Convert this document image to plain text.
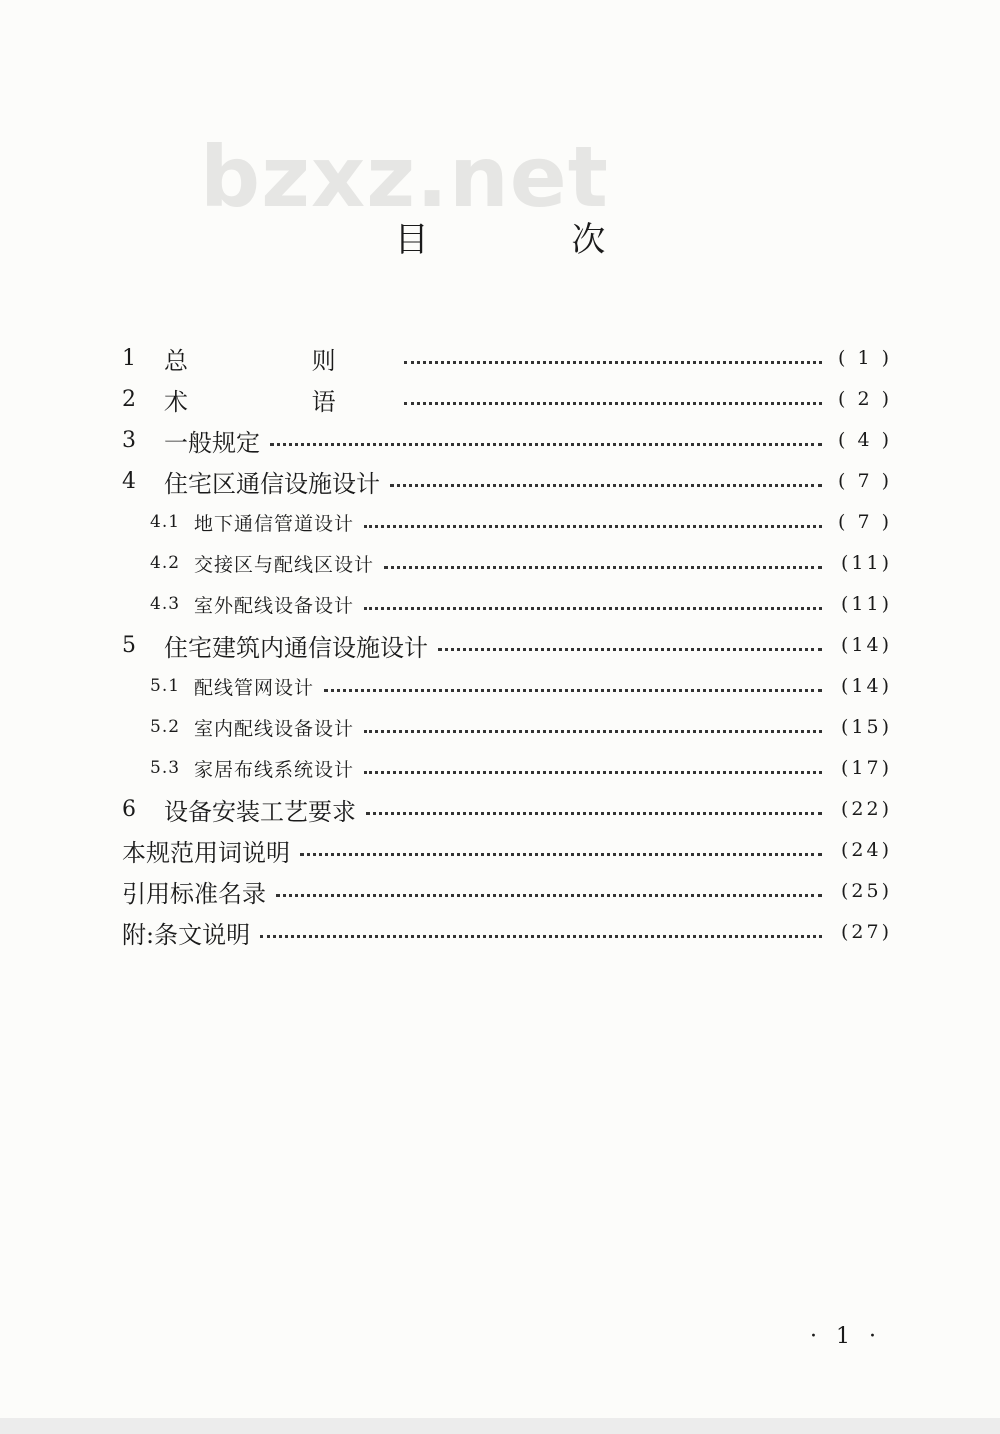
bzxz.net
目 次
1	总 则	( 1 )
2	术 语	( 2 )
3	一般规定	( 4 )
4	住宅区通信设施设计	( 7 )
4.1 地下通信管道设计	( 7 )
4.2 交接区与配线区设计	(11)
4.3 室外配线设备设计	(11)
5	住宅建筑内通信设施设计	(14)
5.1 配线管网设计	(14)
5.2 室内配线设备设计	(15)
5.3 家居布线系统设计	(17)
6	设备安装工艺要求	(22)
本规范用词说明	(24)
引用标准名录	(25)
附:条文说明	(27)
· 1 ·
